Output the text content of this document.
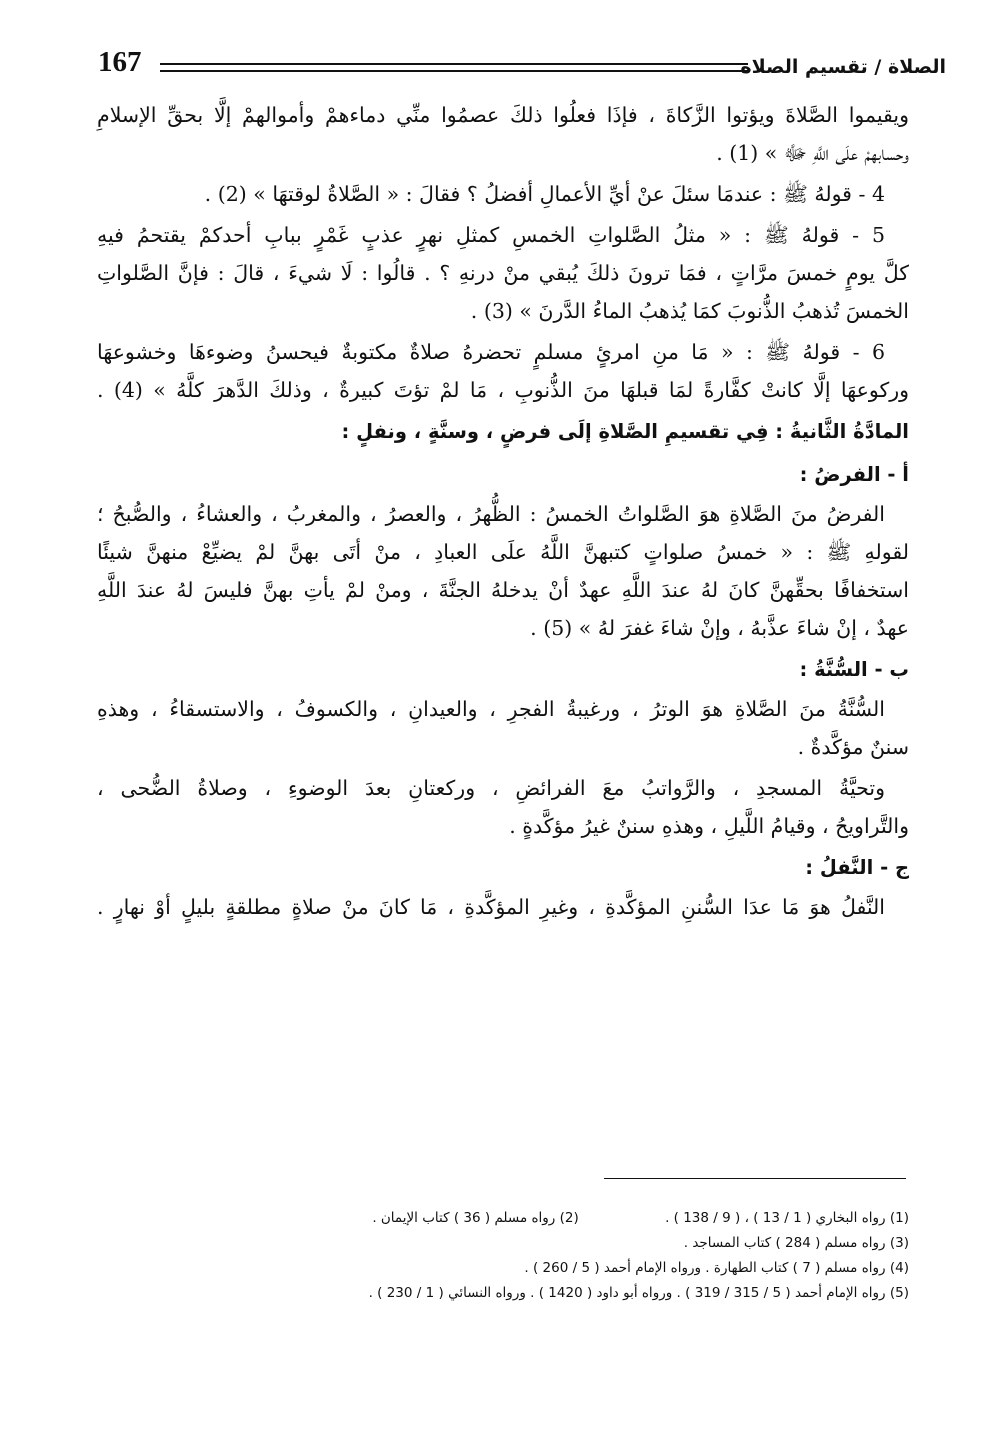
167	الصلاة / تقسيم الصلاة
ويقيموا الصَّلاةَ ويؤتوا الزَّكاةَ ، فإذَا فعلُوا ذلكَ عصمُوا منِّي دماءهمْ وأموالهمْ إلَّا بحقِّ الإسلامِ
وحسابهمْ علَى اللَّهِ ﷻ » (1) .
4 - قولهُ ﷺ : عندمَا سئلَ عنْ أيِّ الأعمالِ أفضلُ ؟ فقالَ : « الصَّلاةُ لوقتهَا » (2) .
5 - قولهُ ﷺ : « مثلُ الصَّلواتِ الخمسِ كمثلِ نهرٍ عذبٍ غَمْرٍ ببابِ أحدكمْ يقتحمُ فيهِ
كلَّ يومٍ خمسَ مرَّاتٍ ، فمَا ترونَ ذلكَ يُبقي منْ درنهِ ؟ . قالُوا : لَا شيءَ ، قالَ : فإنَّ الصَّلواتِ
الخمسَ تُذهبُ الذُّنوبَ كمَا يُذهبُ الماءُ الدَّرنَ » (3) .
6 - قولهُ ﷺ : « مَا منِ امرئٍ مسلمٍ تحضرهُ صلاةٌ مكتوبةٌ فيحسنُ وضوءهَا وخشوعهَا
وركوعهَا إلَّا كانتْ كفَّارةً لمَا قبلهَا منَ الذُّنوبِ ، مَا لمْ تؤتَ كبيرةٌ ، وذلكَ الدَّهرَ كلَّهُ » (4) .
المادَّةُ الثَّانيةُ : فِي تقسيمِ الصَّلاةِ إلَى فرضٍ ، وسنَّةٍ ، ونفلٍ :
أ - الفرضُ :
الفرضُ منَ الصَّلاةِ هوَ الصَّلواتُ الخمسُ : الظُّهرُ ، والعصرُ ، والمغربُ ، والعشاءُ ، والصُّبحُ ؛
لقولهِ ﷺ : « خمسُ صلواتٍ كتبهنَّ اللَّهُ علَى العبادِ ، منْ أتَى بهنَّ لمْ يضيِّعْ منهنَّ شيئًا
استخفافًا بحقِّهنَّ كانَ لهُ عندَ اللَّهِ عهدٌ أنْ يدخلهُ الجنَّةَ ، ومنْ لمْ يأتِ بهنَّ فليسَ لهُ عندَ اللَّهِ
عهدٌ ، إنْ شاءَ عذَّبهُ ، وإنْ شاءَ غفرَ لهُ » (5) .
ب - السُّنَّةُ :
السُّنَّةُ منَ الصَّلاةِ هوَ الوترُ ، ورغيبةُ الفجرِ ، والعيدانِ ، والكسوفُ ، والاستسقاءُ ، وهذهِ
سننٌ مؤكَّدةٌ .
وتحيَّةُ المسجدِ ، والرَّواتبُ معَ الفرائضِ ، وركعتانِ بعدَ الوضوءِ ، وصلاةُ الضُّحى ،
والتَّراويحُ ، وقيامُ اللَّيلِ ، وهذهِ سننٌ غيرُ مؤكَّدةٍ .
ج - النَّفلُ :
النَّفلُ هوَ مَا عدَا السُّننِ المؤكَّدةِ ، وغيرِ المؤكَّدةِ ، مَا كانَ منْ صلاةٍ مطلقةٍ بليلٍ أوْ نهارٍ .
(1) رواه البخاري ( 1 / 13 ) ، ( 9 / 138 ) . (2) رواه مسلم ( 36 ) كتاب الإيمان .
(3) رواه مسلم ( 284 ) كتاب المساجد .
(4) رواه مسلم ( 7 ) كتاب الطهارة . ورواه الإمام أحمد ( 5 / 260 ) .
(5) رواه الإمام أحمد ( 5 / 315 / 319 ) . ورواه أبو داود ( 1420 ) . ورواه النسائي ( 1 / 230 ) .
